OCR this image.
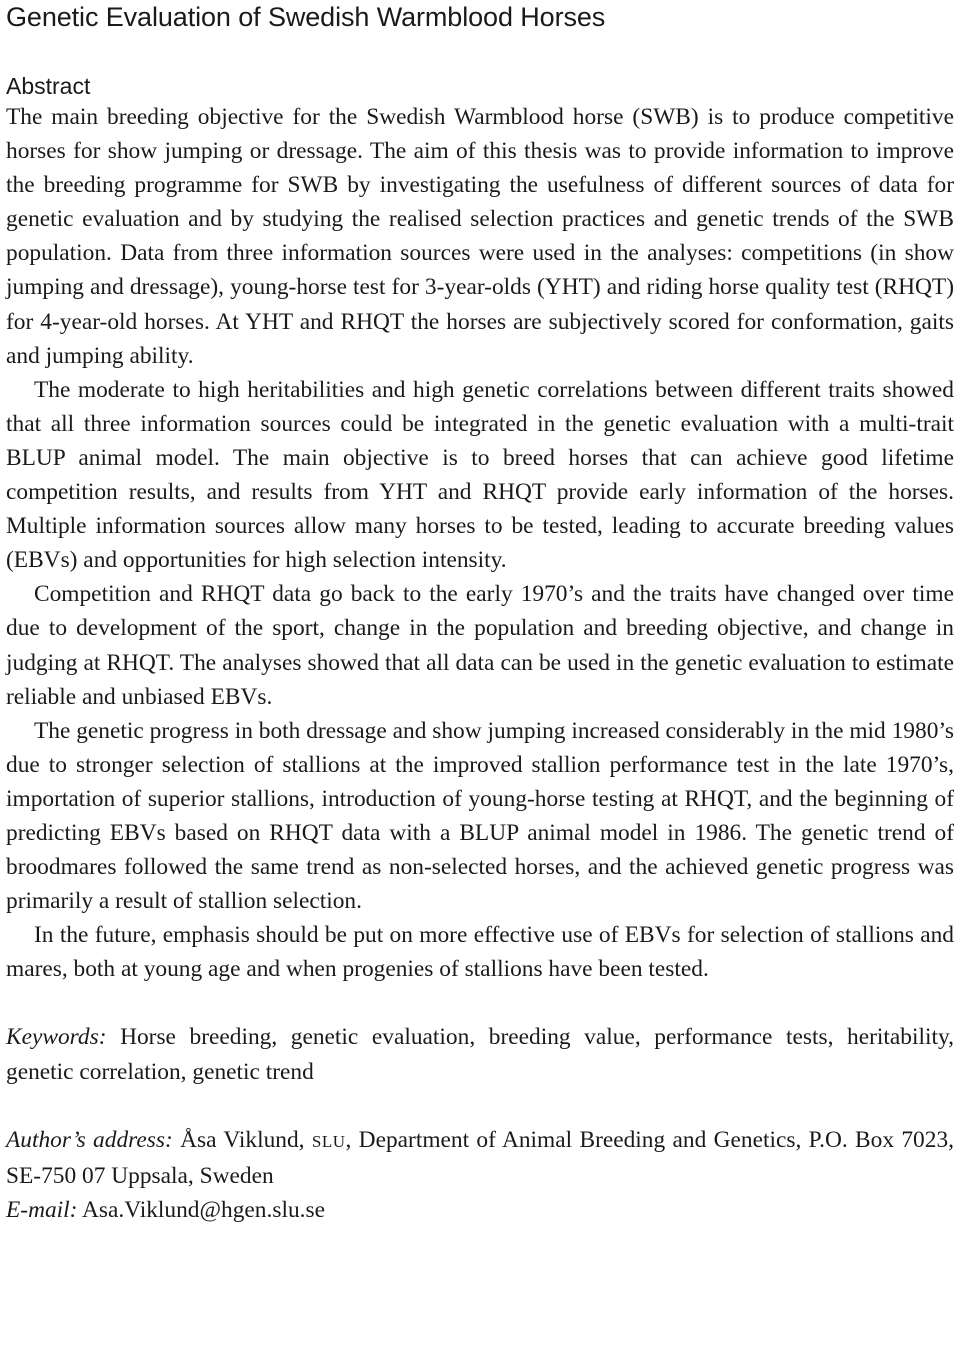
Genetic Evaluation of Swedish Warmblood Horses
Abstract

The main breeding objective for the Swedish Warmblood horse (SWB) is to produce competitive horses for show jumping or dressage. The aim of this thesis was to provide information to improve the breeding programme for SWB by investigating the usefulness of different sources of data for genetic evaluation and by studying the realised selection practices and genetic trends of the SWB population. Data from three information sources were used in the analyses: competitions (in show jumping and dressage), young-horse test for 3-year-olds (YHT) and riding horse quality test (RHQT) for 4-year-old horses. At YHT and RHQT the horses are subjectively scored for conformation, gaits and jumping ability.

The moderate to high heritabilities and high genetic correlations between different traits showed that all three information sources could be integrated in the genetic evaluation with a multi-trait BLUP animal model. The main objective is to breed horses that can achieve good lifetime competition results, and results from YHT and RHQT provide early information of the horses. Multiple information sources allow many horses to be tested, leading to accurate breeding values (EBVs) and opportunities for high selection intensity.

Competition and RHQT data go back to the early 1970’s and the traits have changed over time due to development of the sport, change in the population and breeding objective, and change in judging at RHQT. The analyses showed that all data can be used in the genetic evaluation to estimate reliable and unbiased EBVs.

The genetic progress in both dressage and show jumping increased considerably in the mid 1980’s due to stronger selection of stallions at the improved stallion performance test in the late 1970’s, importation of superior stallions, introduction of young-horse testing at RHQT, and the beginning of predicting EBVs based on RHQT data with a BLUP animal model in 1986. The genetic trend of broodmares followed the same trend as non-selected horses, and the achieved genetic progress was primarily a result of stallion selection.

In the future, emphasis should be put on more effective use of EBVs for selection of stallions and mares, both at young age and when progenies of stallions have been tested.

Keywords: Horse breeding, genetic evaluation, breeding value, performance tests, heritability, genetic correlation, genetic trend

Author’s address: Åsa Viklund, SLU, Department of Animal Breeding and Genetics, P.O. Box 7023, SE-750 07 Uppsala, Sweden
E-mail: Asa.Viklund@hgen.slu.se
